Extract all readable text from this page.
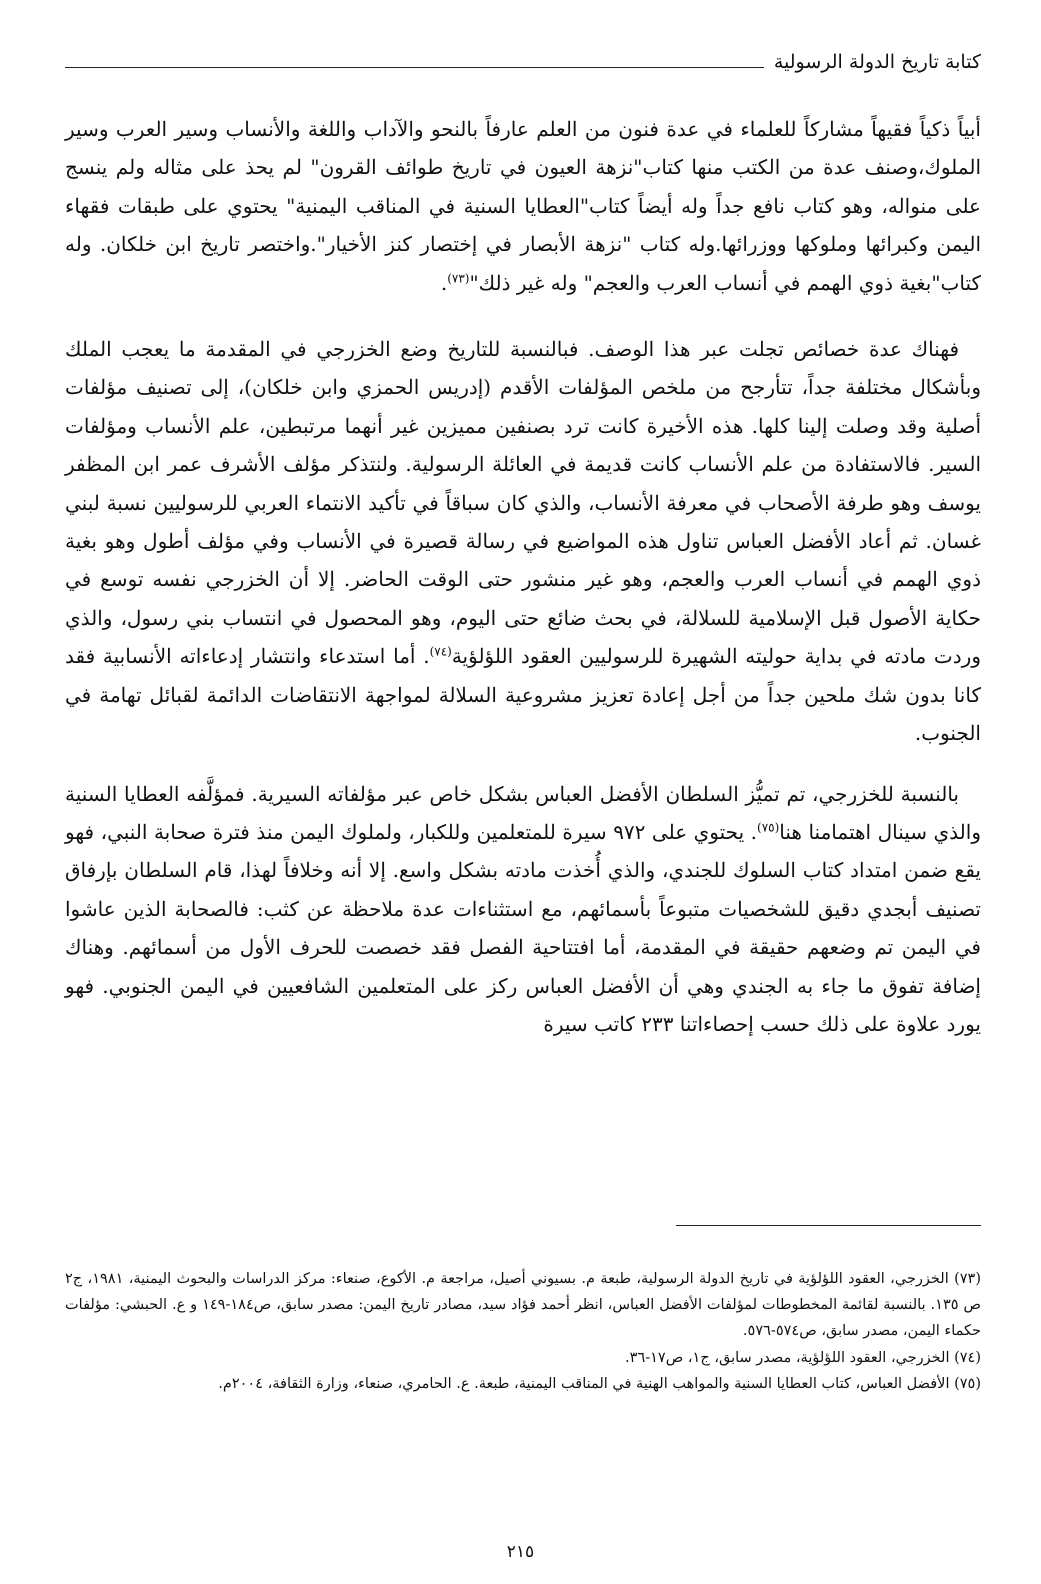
كتابة تاريخ الدولة الرسولية

أبياً ذكياً فقيهاً مشاركاً للعلماء في عدة فنون من العلم عارفاً بالنحو والآداب واللغة والأنساب وسير العرب وسير الملوك،وصنف عدة من الكتب منها كتاب"نزهة العيون في تاريخ طوائف القرون" لم يحذ على مثاله ولم ينسج على منواله، وهو كتاب نافع جداً وله أيضاً كتاب"العطايا السنية في المناقب اليمنية" يحتوي على طبقات فقهاء اليمن وكبرائها وملوكها ووزرائها.وله كتاب "نزهة الأبصار في إختصار كنز الأخيار".واختصر تاريخ ابن خلكان. وله كتاب"بغية ذوي الهمم في أنساب العرب والعجم" وله غير ذلك"$^{(٧٣)}$.

فهناك عدة خصائص تجلت عبر هذا الوصف. فبالنسبة للتاريخ وضع الخزرجي في المقدمة ما يعجب الملك وبأشكال مختلفة جداً، تتأرجح من ملخص المؤلفات الأقدم (إدريس الحمزي وابن خلكان)، إلى تصنيف مؤلفات أصلية وقد وصلت إلينا كلها. هذه الأخيرة كانت ترد بصنفين مميزين غير أنهما مرتبطين، علم الأنساب ومؤلفات السير. فالاستفادة من علم الأنساب كانت قديمة في العائلة الرسولية. ولنتذكر مؤلف الأشرف عمر ابن المظفر يوسف وهو طرفة الأصحاب في معرفة الأنساب، والذي كان سباقاً في تأكيد الانتماء العربي للرسوليين نسبة لبني غسان. ثم أعاد الأفضل العباس تناول هذه المواضيع في رسالة قصيرة في الأنساب وفي مؤلف أطول وهو بغية ذوي الهمم في أنساب العرب والعجم، وهو غير منشور حتى الوقت الحاضر. إلا أن الخزرجي نفسه توسع في حكاية الأصول قبل الإسلامية للسلالة، في بحث ضائع حتى اليوم، وهو المحصول في انتساب بني رسول، والذي وردت مادته في بداية حوليته الشهيرة للرسوليين العقود اللؤلؤية$^{(٧٤)}$. أما استدعاء وانتشار إدعاءاته الأنسابية فقد كانا بدون شك ملحين جداً من أجل إعادة تعزيز مشروعية السلالة لمواجهة الانتقاضات الدائمة لقبائل تهامة في الجنوب.

بالنسبة للخزرجي، تم تميُّز السلطان الأفضل العباس بشكل خاص عبر مؤلفاته السيرية. فمؤلَّفه العطايا السنية والذي سينال اهتمامنا هنا$^{(٧٥)}$. يحتوي على ٩٧٢ سيرة للمتعلمين وللكبار، ولملوك اليمن منذ فترة صحابة النبي، فهو يقع ضمن امتداد كتاب السلوك للجندي، والذي أُخذت مادته بشكل واسع. إلا أنه وخلافاً لهذا، قام السلطان بإرفاق تصنيف أبجدي دقيق للشخصيات متبوعاً بأسمائهم، مع استثناءات عدة ملاحظة عن كثب: فالصحابة الذين عاشوا في اليمن تم وضعهم حقيقة في المقدمة، أما افتتاحية الفصل فقد خصصت للحرف الأول من أسمائهم. وهناك إضافة تفوق ما جاء به الجندي وهي أن الأفضل العباس ركز على المتعلمين الشافعيين في اليمن الجنوبي. فهو يورد علاوة على ذلك حسب إحصاءاتنا ٢٣٣ كاتب سيرة

(٧٣) الخزرجي، العقود اللؤلؤية في تاريخ الدولة الرسولية، طبعة م. بسيوني أصيل، مراجعة م. الأكوع، صنعاء: مركز الدراسات والبحوث اليمنية، ١٩٨١، ج٢ ص ١٣٥. بالنسبة لقائمة المخطوطات لمؤلفات الأفضل العباس، انظر أحمد فؤاد سيد، مصادر تاريخ اليمن: مصدر سابق، ص١٨٤-١٤٩ و ع. الحبشي: مؤلفات حكماء اليمن، مصدر سابق، ص٥٧٤-٥٧٦.

(٧٤) الخزرجي، العقود اللؤلؤية، مصدر سابق، ج١، ص١٧-٣٦.

(٧٥) الأفضل العباس، كتاب العطايا السنية والمواهب الهنية في المناقب اليمنية، طبعة. ع. الحامري، صنعاء، وزارة الثقافة، ٢٠٠٤م.

٢١٥
